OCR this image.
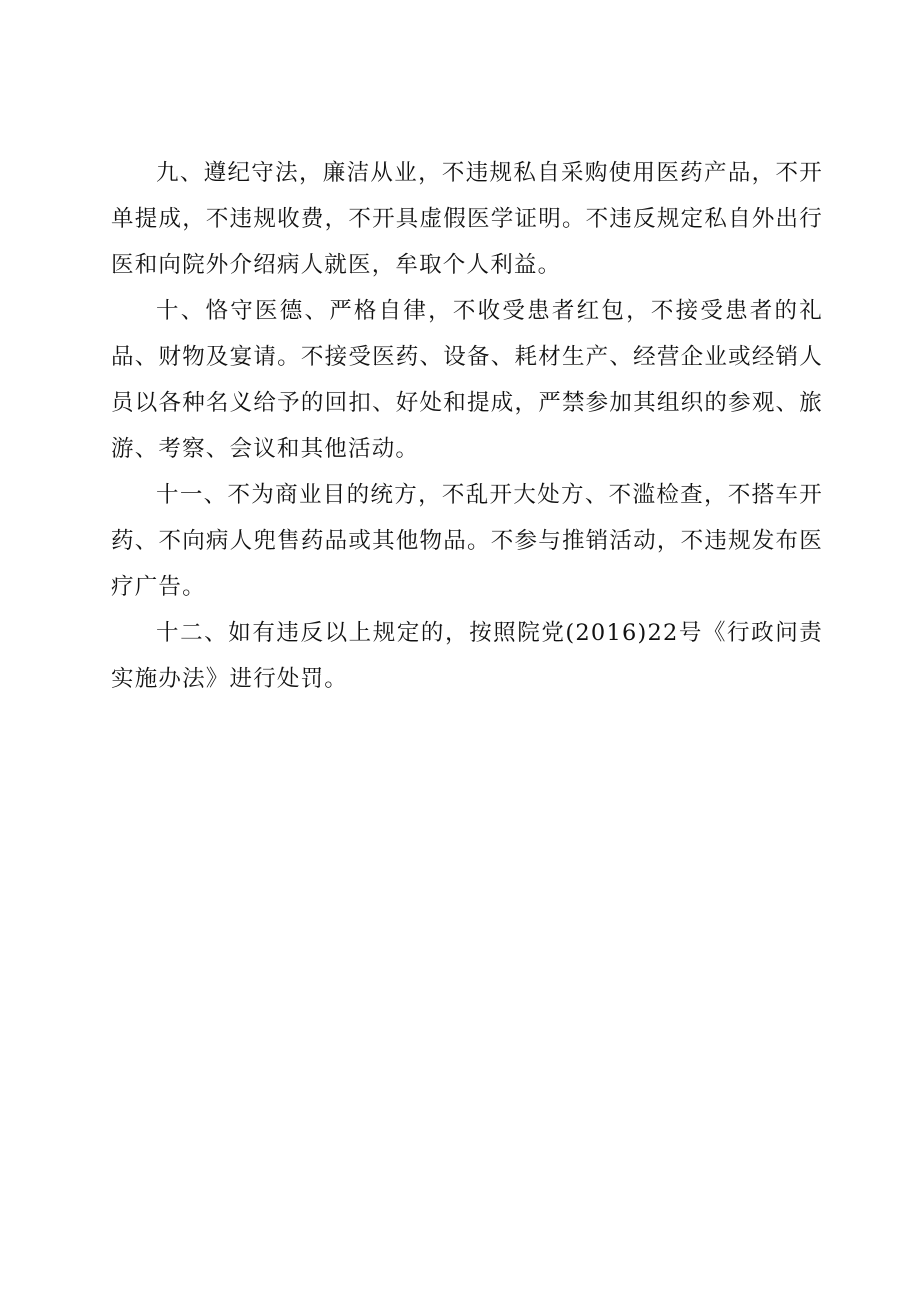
九、遵纪守法，廉洁从业，不违规私自采购使用医药产品，不开单提成，不违规收费，不开具虚假医学证明。不违反规定私自外出行医和向院外介绍病人就医，牟取个人利益。

十、恪守医德、严格自律，不收受患者红包，不接受患者的礼品、财物及宴请。不接受医药、设备、耗材生产、经营企业或经销人员以各种名义给予的回扣、好处和提成，严禁参加其组织的参观、旅游、考察、会议和其他活动。

十一、不为商业目的统方，不乱开大处方、不滥检查，不搭车开药、不向病人兜售药品或其他物品。不参与推销活动，不违规发布医疗广告。

十二、如有违反以上规定的，按照院党(2016)22号《行政问责实施办法》进行处罚。
